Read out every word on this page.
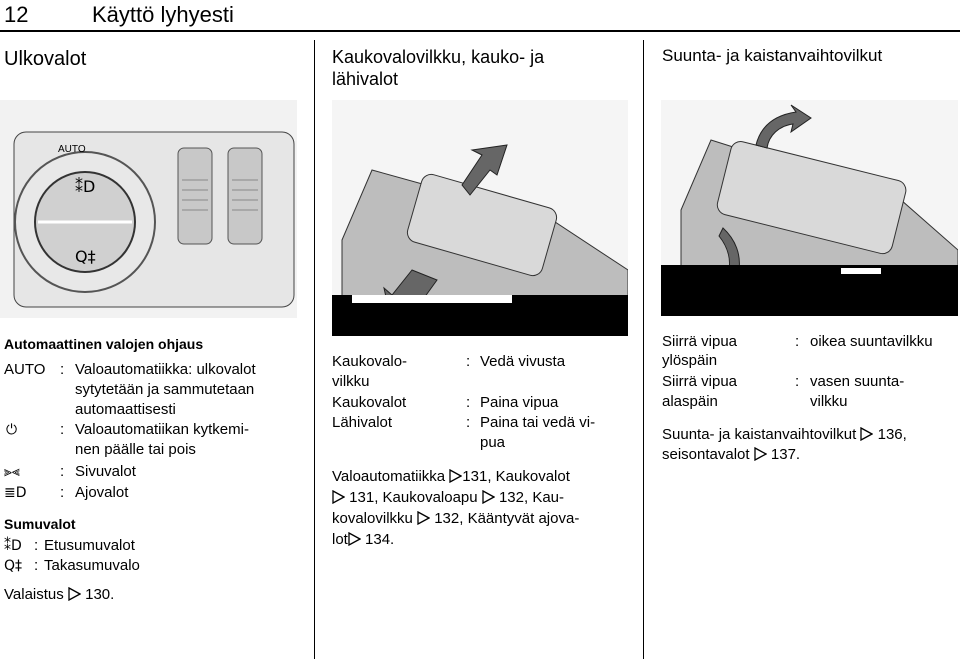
12	Käyttö lyhyesti
Ulkovalot
AUTO
⁑D
Q‡
Automaattinen valojen ohjaus
AUTO : Valoautomatiikka: ulkovalot
sytytetään ja sammutetaan
automaattisesti
⏻	: Valoautomatiikan kytkemi-
nen päälle tai pois
⫸⫷	: Sivuvalot
≣D : Ajovalot
Sumuvalot
⁑D : Etusumuvalot
Q‡ : Takasumuvalo
Valaistus 130.
Kaukovalovilkku, kauko- ja
lähivalot
Kaukovalo-	: Vedä vivusta
vilkku
Kaukovalot	: Paina vipua
Lähivalot	: Paina tai vedä vi-
pua
Valoautomatiikka 131, Kaukovalot
131, Kaukovaloapu 132, Kau-
kovalovilkku 132, Kääntyvät ajova-
lot 134.
Suunta- ja kaistanvaihtovilkut
Siirrä vipua	: oikea suuntavilkku
ylöspäin
Siirrä vipua	: vasen suunta-
alaspäin	vilkku
Suunta- ja kaistanvaihtovilkut 136,
seisontavalot 137.
